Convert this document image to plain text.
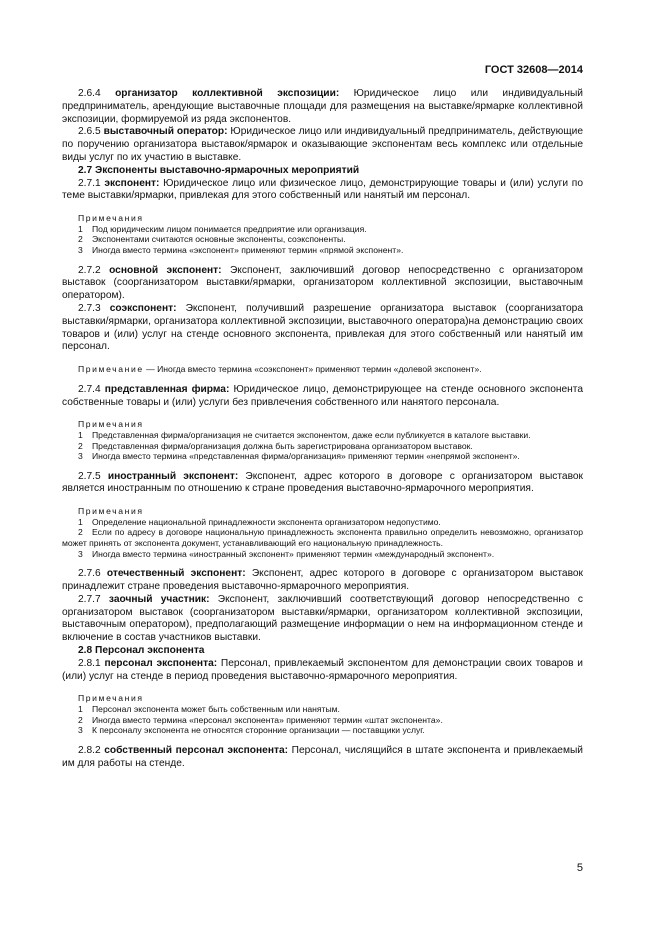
ГОСТ 32608—2014

2.6.4 организатор коллективной экспозиции: Юридическое лицо или индивидуальный предприниматель, арендующие выставочные площади для размещения на выставке/ярмарке коллективной экспозиции, формируемой из ряда экспонентов.

2.6.5 выставочный оператор: Юридическое лицо или индивидуальный предприниматель, действующие по поручению организатора выставок/ярмарок и оказывающие экспонентам весь комплекс или отдельные виды услуг по их участию в выставке.

2.7 Экспоненты выставочно-ярмарочных мероприятий

2.7.1 экспонент: Юридическое лицо или физическое лицо, демонстрирующие товары и (или) услуги по теме выставки/ярмарки, привлекая для этого собственный или нанятый им персонал.

Примечания

1 Под юридическим лицом понимается предприятие или организация.

2 Экспонентами считаются основные экспоненты, соэкспоненты.

3 Иногда вместо термина «экспонент» применяют термин «прямой экспонент».

2.7.2 основной экспонент: Экспонент, заключивший договор непосредственно с организатором выставок (соорганизатором выставки/ярмарки, организатором коллективной экспозиции, выставочным оператором).

2.7.3 соэкспонент: Экспонент, получивший разрешение организатора выставок (соорганизатора выставки/ярмарки, организатора коллективной экспозиции, выставочного оператора)на демонстрацию своих товаров и (или) услуг на стенде основного экспонента, привлекая для этого собственный или нанятый им персонал.

Примечание — Иногда вместо термина «соэкспонент» применяют термин «долевой экспонент».

2.7.4 представленная фирма: Юридическое лицо, демонстрирующее на стенде основного экспонента собственные товары и (или) услуги без привлечения собственного или нанятого персонала.

Примечания

1 Представленная фирма/организация не считается экспонентом, даже если публикуется в каталоге выставки.

2 Представленная фирма/организация должна быть зарегистрирована организатором выставок.

3 Иногда вместо термина «представленная фирма/организация» применяют термин «непрямой экспонент».

2.7.5 иностранный экспонент: Экспонент, адрес которого в договоре с организатором выставок является иностранным по отношению к стране проведения выставочно-ярмарочного мероприятия.

Примечания

1 Определение национальной принадлежности экспонента организатором недопустимо.

2 Если по адресу в договоре национальную принадлежность экспонента правильно определить невозможно, организатор может принять от экспонента документ, устанавливающий его национальную принадлежность.

3 Иногда вместо термина «иностранный экспонент» применяют термин «международный экспонент».

2.7.6 отечественный экспонент: Экспонент, адрес которого в договоре с организатором выставок принадлежит стране проведения выставочно-ярмарочного мероприятия.

2.7.7 заочный участник: Экспонент, заключивший соответствующий договор непосредственно с организатором выставок (соорганизатором выставки/ярмарки, организатором коллективной экспозиции, выставочным оператором), предполагающий размещение информации о нем на информационном стенде и включение в состав участников выставки.

2.8 Персонал экспонента

2.8.1 персонал экспонента: Персонал, привлекаемый экспонентом для демонстрации своих товаров и (или) услуг на стенде в период проведения выставочно-ярмарочного мероприятия.

Примечания

1 Персонал экспонента может быть собственным или нанятым.

2 Иногда вместо термина «персонал экспонента» применяют термин «штат экспонента».

3 К персоналу экспонента не относятся сторонние организации — поставщики услуг.

2.8.2 собственный персонал экспонента: Персонал, числящийся в штате экспонента и привлекаемый им для работы на стенде.

5
